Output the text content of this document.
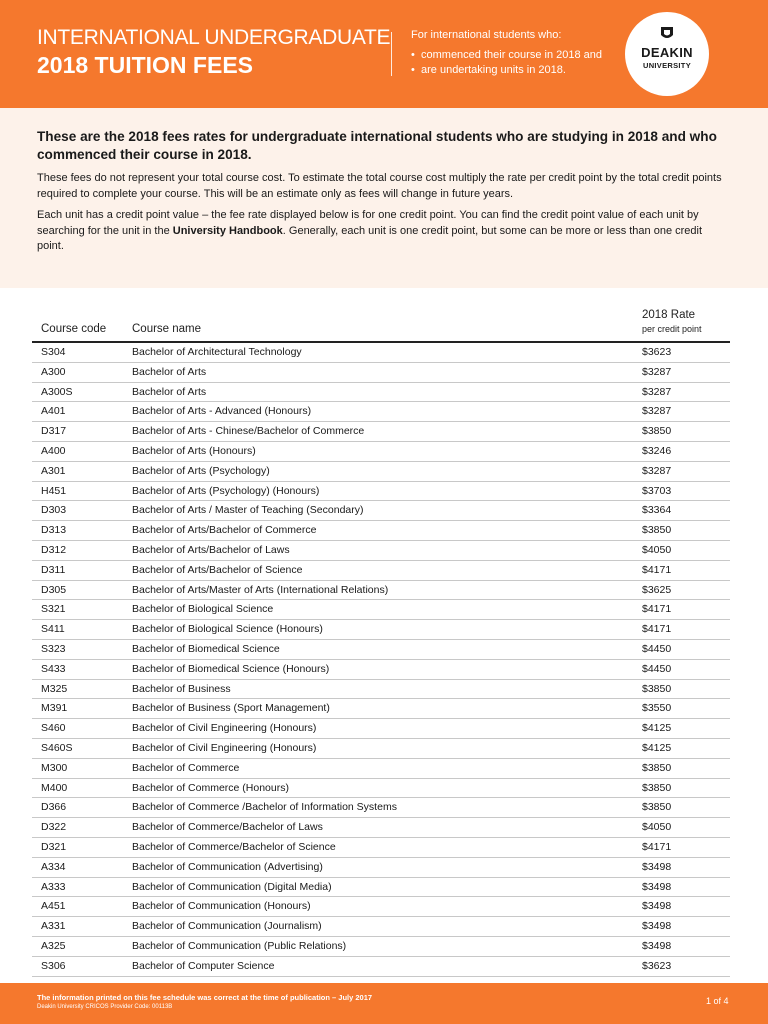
INTERNATIONAL UNDERGRADUATE
2018 TUITION FEES
For international students who:
• commenced their course in 2018 and
• are undertaking units in 2018.
DEAKIN
UNIVERSITY

These are the 2018 fees rates for undergraduate international students who are studying in 2018 and who commenced their course in 2018.

These fees do not represent your total course cost. To estimate the total course cost multiply the rate per credit point by the total credit points required to complete your course. This will be an estimate only as fees will change in future years.

Each unit has a credit point value – the fee rate displayed below is for one credit point. You can find the credit point value of each unit by searching for the unit in the University Handbook. Generally, each unit is one credit point, but some can be more or less than one credit point.

Course code Course name
2018 Rate
per credit point
S304	Bachelor of Architectural Technology	$3623
A300	Bachelor of Arts	$3287
A300S	Bachelor of Arts	$3287
A401	Bachelor of Arts - Advanced (Honours)	$3287
D317	Bachelor of Arts - Chinese/Bachelor of Commerce	$3850
A400	Bachelor of Arts (Honours)	$3246
A301	Bachelor of Arts (Psychology)	$3287
H451	Bachelor of Arts (Psychology) (Honours)	$3703
D303	Bachelor of Arts / Master of Teaching (Secondary)	$3364
D313	Bachelor of Arts/Bachelor of Commerce	$3850
D312	Bachelor of Arts/Bachelor of Laws	$4050
D311	Bachelor of Arts/Bachelor of Science	$4171
D305	Bachelor of Arts/Master of Arts (International Relations)	$3625
S321	Bachelor of Biological Science	$4171
S411	Bachelor of Biological Science (Honours)	$4171
S323	Bachelor of Biomedical Science	$4450
S433	Bachelor of Biomedical Science (Honours)	$4450
M325	Bachelor of Business	$3850
M391	Bachelor of Business (Sport Management)	$3550
S460	Bachelor of Civil Engineering (Honours)	$4125
S460S	Bachelor of Civil Engineering (Honours)	$4125
M300	Bachelor of Commerce	$3850
M400	Bachelor of Commerce (Honours)	$3850
D366	Bachelor of Commerce /Bachelor of Information Systems	$3850
D322	Bachelor of Commerce/Bachelor of Laws	$4050
D321	Bachelor of Commerce/Bachelor of Science	$4171
A334	Bachelor of Communication (Advertising)	$3498
A333	Bachelor of Communication (Digital Media)	$3498
A451	Bachelor of Communication (Honours)	$3498
A331	Bachelor of Communication (Journalism)	$3498
A325	Bachelor of Communication (Public Relations)	$3498
S306	Bachelor of Computer Science	$3623
The information printed on this fee schedule was correct at the time of publication – July 2017
Deakin University CRICOS Provider Code: 00113B
1 of 4
